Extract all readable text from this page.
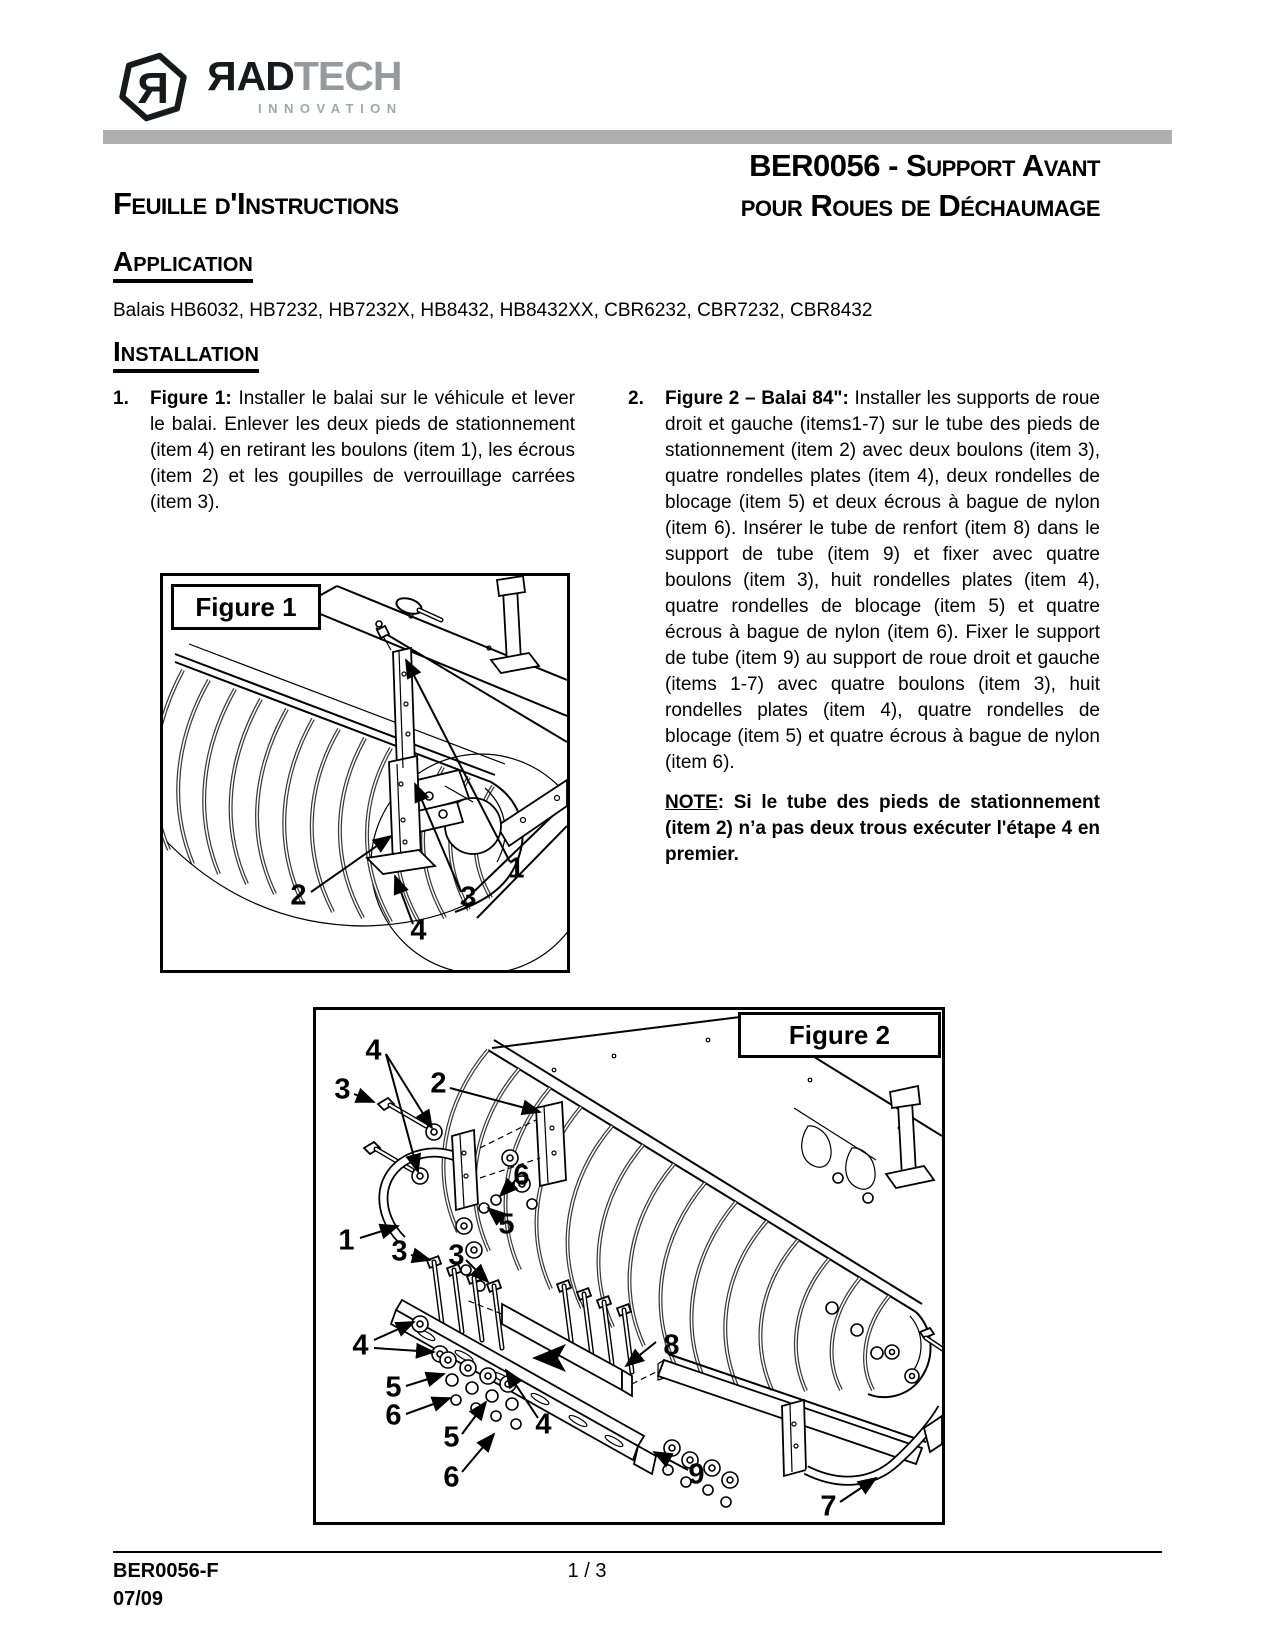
R RADTECH
INNOVATION
Feuille d'Instructions
BER0056 - Support Avant
pour Roues de Déchaumage
Application
Balais HB6032, HB7232, HB7232X, HB8432, HB8432XX, CBR6232, CBR7232, CBR8432
Installation
1.	Figure 1: Installer le balai sur le véhicule et lever le balai. Enlever les deux pieds de stationnement (item 4) en retirant les boulons (item 1), les écrous (item 2) et les goupilles de verrouillage carrées (item 3).
2.	Figure 2 – Balai 84": Installer les supports de roue droit et gauche (items1-7) sur le tube des pieds de stationnement (item 2) avec deux boulons (item 3), quatre rondelles plates (item 4), deux rondelles de blocage (item 5) et deux écrous à bague de nylon (item 6). Insérer le tube de renfort (item 8) dans le support de tube (item 9) et fixer avec quatre boulons (item 3), huit rondelles plates (item 4), quatre rondelles de blocage (item 5) et quatre écrous à bague de nylon (item 6). Fixer le support de tube (item 9) au support de roue droit et gauche (items 1-7) avec quatre boulons (item 3), huit rondelles plates (item 4), quatre rondelles de blocage (item 5) et quatre écrous à bague de nylon (item 6).
NOTE: Si le tube des pieds de stationnement (item 2) n’a pas deux trous exécuter l'étape 4 en premier.
Figure 1
1
2	3
4
Figure 2
4
3	2
6
5
1 3 3
4
5
6
5	4
6
8
9
7
BER0056-F
07/09
1 / 3
